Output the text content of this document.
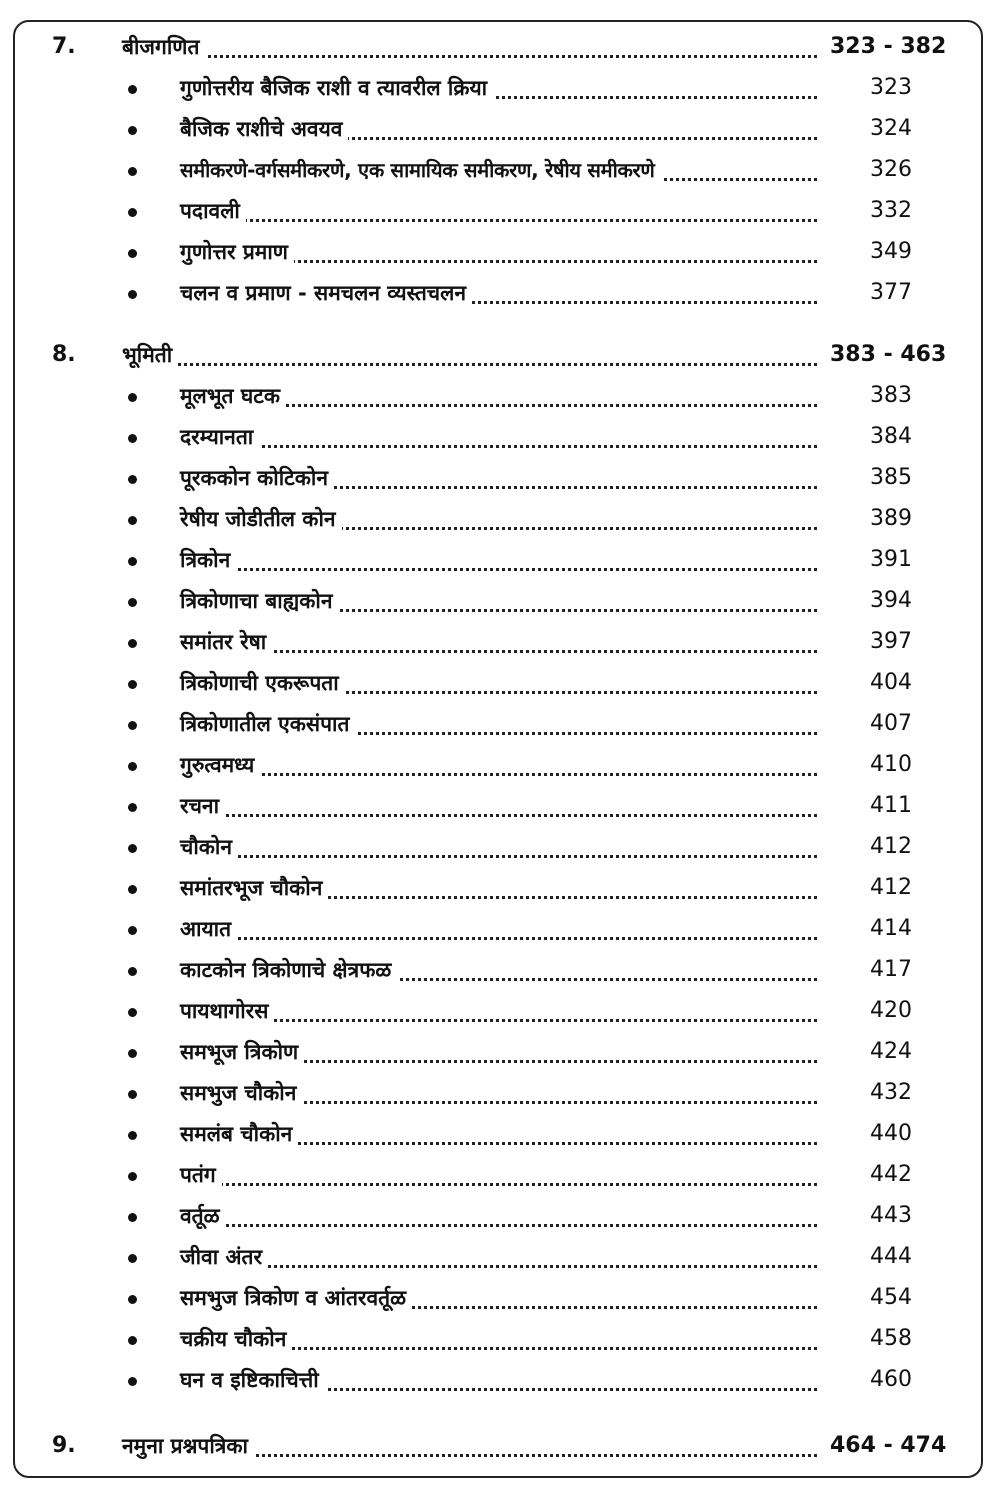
7. बीजगणित	323 - 382
गुणोत्तरीय बैजिक राशी व त्यावरील क्रिया	323
बैजिक राशीचे अवयव	324
समीकरणे-वर्गसमीकरणे, एक सामायिक समीकरण, रेषीय समीकरणे	326
पदावली	332
गुणोत्तर प्रमाण	349
चलन व प्रमाण - समचलन व्यस्तचलन	377
8. भूमिती	383 - 463
मूलभूत घटक	383
दरम्यानता	384
पूरककोन कोटिकोन	385
रेषीय जोडीतील कोन	389
त्रिकोन	391
त्रिकोणाचा बाह्यकोन	394
समांतर रेषा	397
त्रिकोणाची एकरूपता	404
त्रिकोणातील एकसंपात	407
गुरुत्वमध्य	410
रचना	411
चौकोन	412
समांतरभूज चौकोन	412
आयात	414
काटकोन त्रिकोणाचे क्षेत्रफळ	417
पायथागोरस	420
समभूज त्रिकोण	424
समभुज चौकोन	432
समलंब चौकोन	440
पतंग	442
वर्तूळ	443
जीवा अंतर	444
समभुज त्रिकोण व आंतरवर्तूळ	454
चक्रीय चौकोन	458
घन व इष्टिकाचित्ती	460
9. नमुना प्रश्नपत्रिका	464 - 474
